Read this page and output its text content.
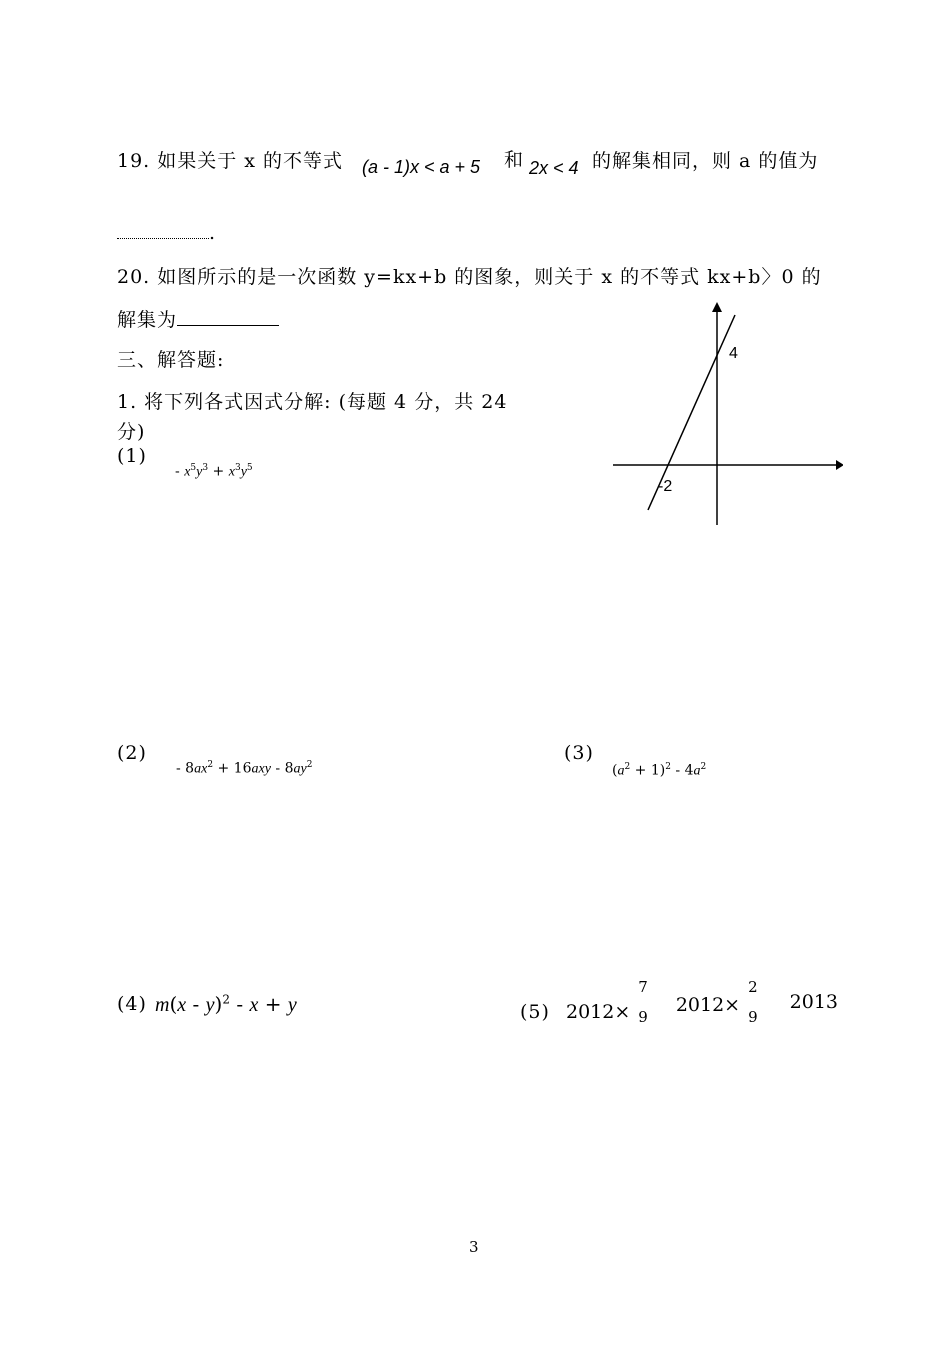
19. 如果关于 x 的不等式 (a - 1)x < a + 5 和 2x < 4 的解集相同，则 a 的值为
.
20. 如图所示的是一次函数 y=kx+b 的图象，则关于 x 的不等式 kx+b〉0 的
解集为
4
-2
三、解答题:
1. 将下列各式因式分解: (每题 4 分，共 24
分)
(1)
- $x^5y^3 + x^3y^5$
(2)
- $8ax^2 + 16axy - 8ay^2$
(3)
$(a^2 + 1)^2 - 4a^2$
(4) m(x - y)$^2$ - x + y	(5) 2012×
7
9
2012×
2
9
2013
3
